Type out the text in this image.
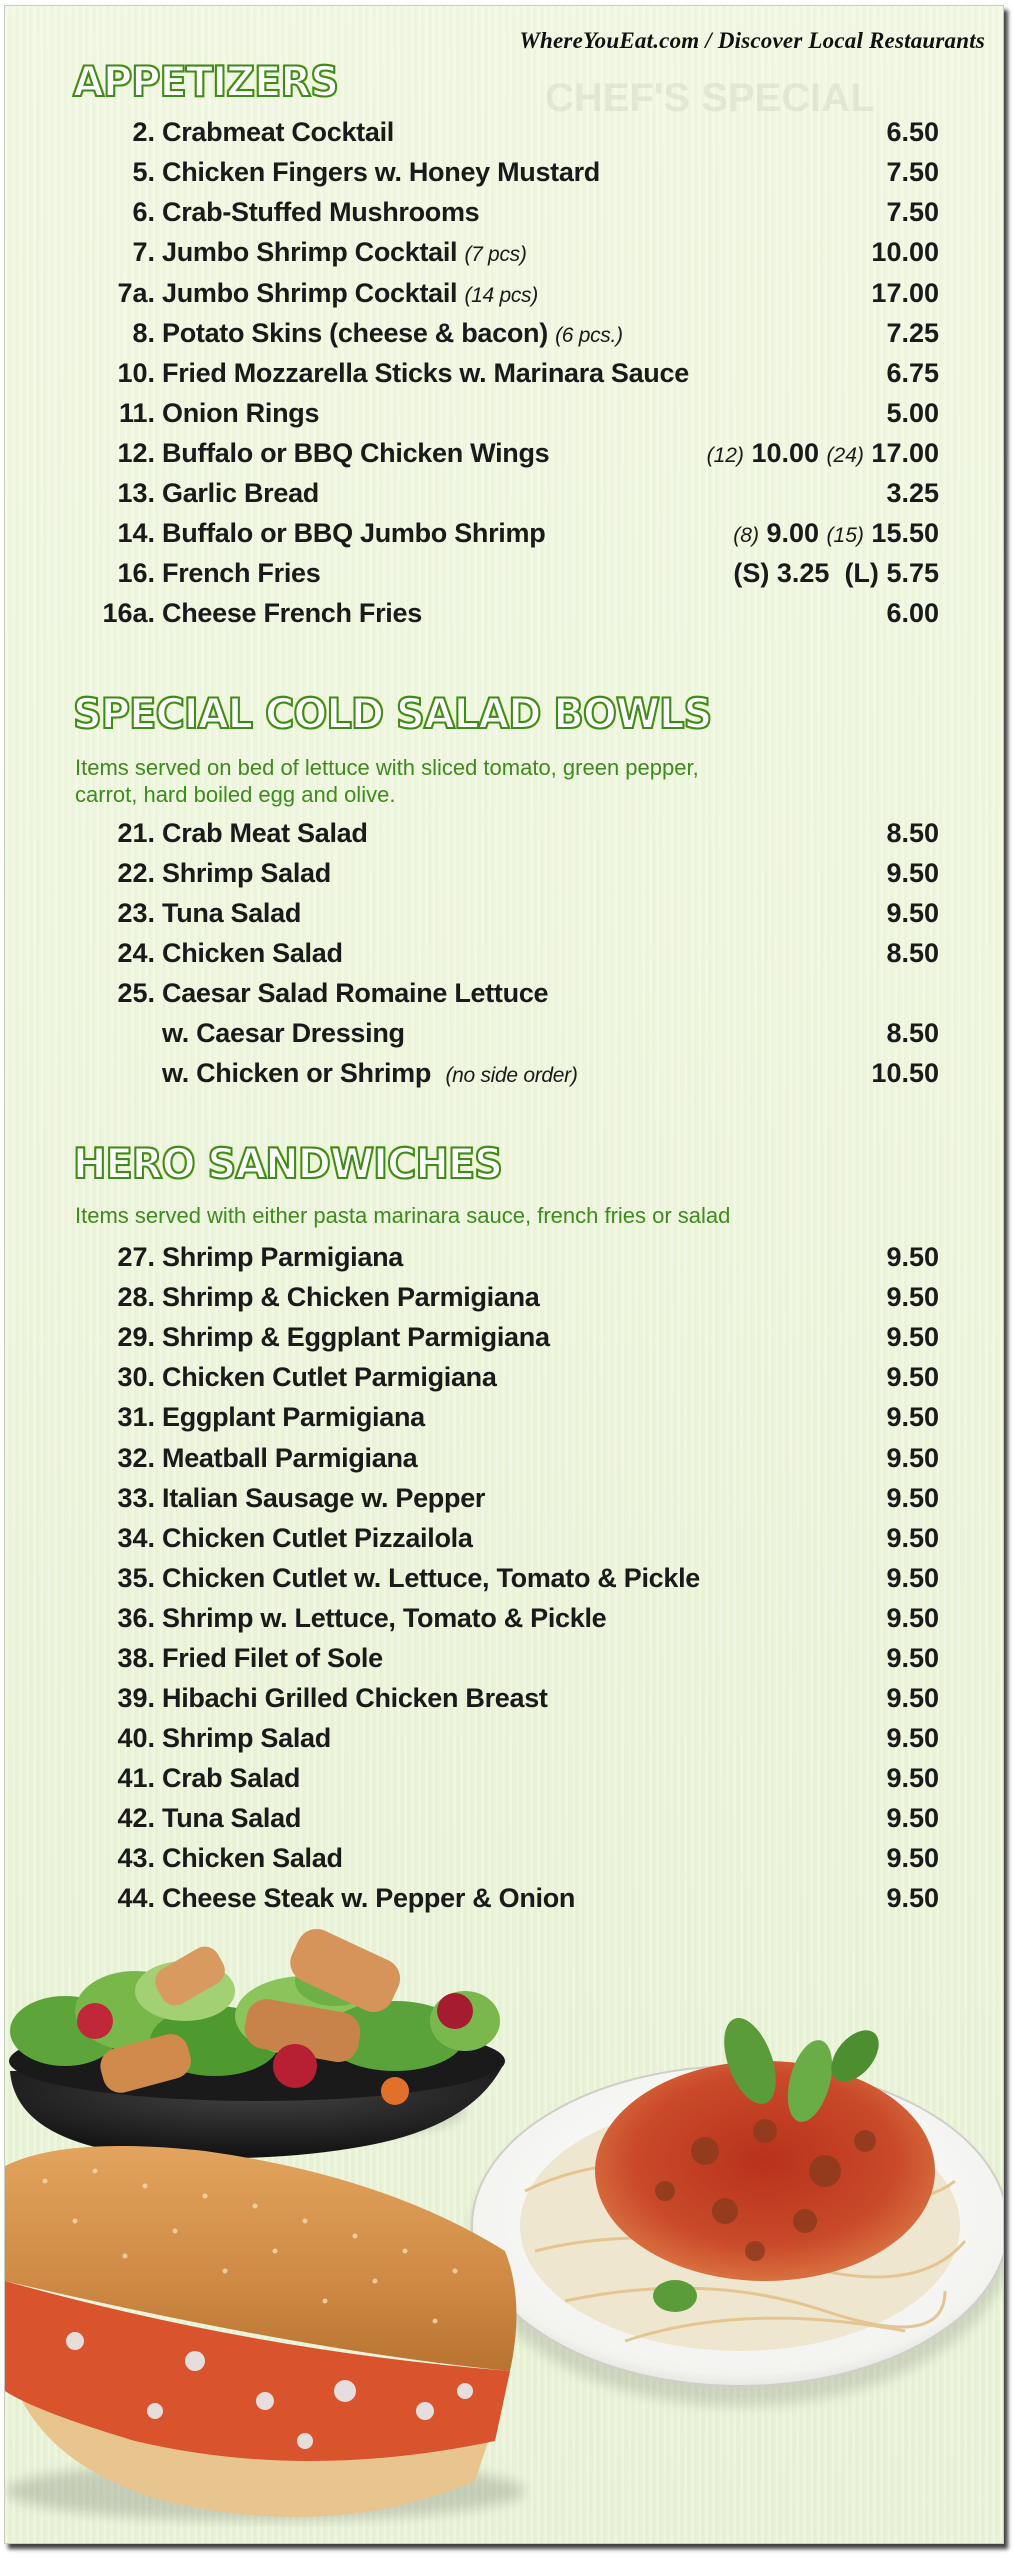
CHEF'S SPECIAL
WhereYouEat.com / Discover Local Restaurants
APPETIZERS
2. Crabmeat Cocktail	6.50
5. Chicken Fingers w. Honey Mustard	7.50
6. Crab-Stuffed Mushrooms	7.50
7. Jumbo Shrimp Cocktail (7 pcs)	10.00
7a. Jumbo Shrimp Cocktail (14 pcs)	17.00
8. Potato Skins (cheese & bacon) (6 pcs.)	7.25
10. Fried Mozzarella Sticks w. Marinara Sauce	6.75
11. Onion Rings	5.00
12. Buffalo or BBQ Chicken Wings	(12) 10.00 (24) 17.00
13. Garlic Bread	3.25
14. Buffalo or BBQ Jumbo Shrimp	(8) 9.00 (15) 15.50
16. French Fries	(S) 3.25 (L) 5.75
16a. Cheese French Fries	6.00
SPECIAL COLD SALAD BOWLS
Items served on bed of lettuce with sliced tomato, green pepper,
carrot, hard boiled egg and olive.
21. Crab Meat Salad	8.50
22. Shrimp Salad	9.50
23. Tuna Salad	9.50
24. Chicken Salad	8.50
25. Caesar Salad Romaine Lettuce
w. Caesar Dressing	8.50
w. Chicken or Shrimp (no side order)	10.50
HERO SANDWICHES
Items served with either pasta marinara sauce, french fries or salad
27. Shrimp Parmigiana	9.50
28. Shrimp & Chicken Parmigiana	9.50
29. Shrimp & Eggplant Parmigiana	9.50
30. Chicken Cutlet Parmigiana	9.50
31. Eggplant Parmigiana	9.50
32. Meatball Parmigiana	9.50
33. Italian Sausage w. Pepper	9.50
34. Chicken Cutlet Pizzailola	9.50
35. Chicken Cutlet w. Lettuce, Tomato & Pickle	9.50
36. Shrimp w. Lettuce, Tomato & Pickle	9.50
38. Fried Filet of Sole	9.50
39. Hibachi Grilled Chicken Breast	9.50
40. Shrimp Salad	9.50
41. Crab Salad	9.50
42. Tuna Salad	9.50
43. Chicken Salad	9.50
44. Cheese Steak w. Pepper & Onion	9.50
